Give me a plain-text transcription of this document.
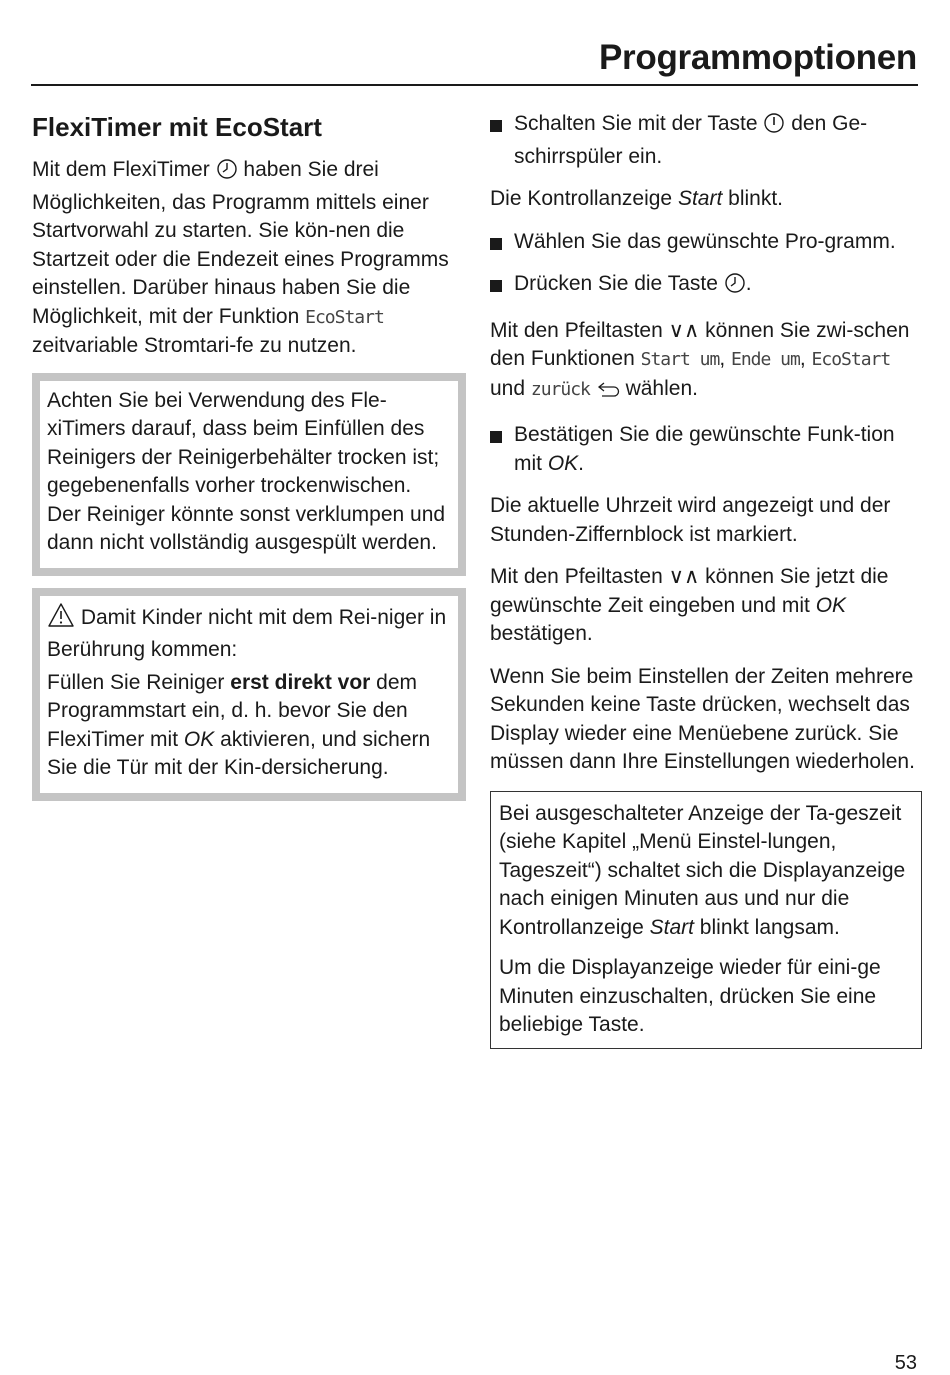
Programmoptionen
FlexiTimer mit EcoStart

Mit dem FlexiTimer  haben Sie drei Möglichkeiten, das Programm mittels einer Startvorwahl zu starten. Sie kön-nen die Startzeit oder die Endezeit eines Programms einstellen. Darüber hinaus haben Sie die Möglichkeit, mit der Funktion EcoStart zeitvariable Stromtari-fe zu nutzen.

Achten Sie bei Verwendung des Fle-xiTimers darauf, dass beim Einfüllen des Reinigers der Reinigerbehälter trocken ist; gegebenenfalls vorher trockenwischen. Der Reiniger könnte sonst verklumpen und dann nicht vollständig ausgespült werden.

Damit Kinder nicht mit dem Rei-niger in Berührung kommen:

Füllen Sie Reiniger erst direkt vor dem Programmstart ein, d. h. bevor Sie den FlexiTimer mit OK aktivieren, und sichern Sie die Tür mit der Kin-dersicherung.

Schalten Sie mit der Taste  den Ge-schirrspüler ein.

Die Kontrollanzeige Start blinkt.

Wählen Sie das gewünschte Pro-gramm.
Drücken Sie die Taste .

Mit den Pfeiltasten ∨∧ können Sie zwi-schen den Funktionen Start um, Ende um, EcoStart und zurück  wählen.

Bestätigen Sie die gewünschte Funk-tion mit OK.

Die aktuelle Uhrzeit wird angezeigt und der Stunden-Ziffernblock ist markiert.

Mit den Pfeiltasten ∨∧ können Sie jetzt die gewünschte Zeit eingeben und mit OK bestätigen.

Wenn Sie beim Einstellen der Zeiten mehrere Sekunden keine Taste drücken, wechselt das Display wieder eine Menüebene zurück. Sie müssen dann Ihre Einstellungen wiederholen.

Bei ausgeschalteter Anzeige der Ta-geszeit (siehe Kapitel „Menü Einstel-lungen, Tageszeit“) schaltet sich die Displayanzeige nach einigen Minuten aus und nur die Kontrollanzeige Start blinkt langsam.

Um die Displayanzeige wieder für eini-ge Minuten einzuschalten, drücken Sie eine beliebige Taste.

53
